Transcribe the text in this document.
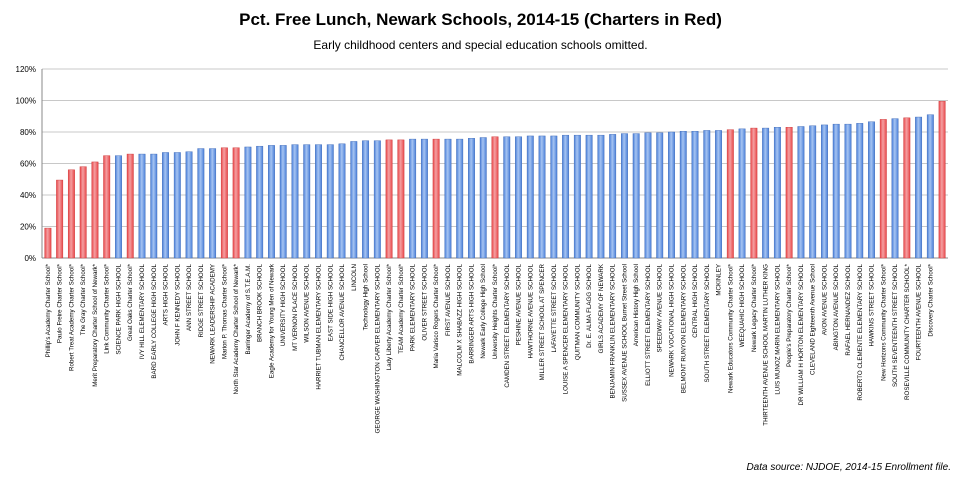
Pct. Free Lunch, Newark Schools, 2014-15 (Charters in Red)
Early childhood centers and special education schools omitted.
0%
20%
40%
60%
80%
100%
120%
Phillip's Academy Charter School* Paulo Freire Charter School* Robert Treat Academy Charter School* The Gray Charter School* Merit Preparatory Charter School of Newark* Link Community Charter School* SCIENCE PARK HIGH SCHOOL Great Oaks Charter School* IVY HILL ELEMENTARY SCHOOL BARD EARLY COLLEGE HIGH SCHOOL ARTS HIGH SCHOOL JOHN F KENNEDY SCHOOL ANN STREET SCHOOL RIDGE STREET SCHOOL NEWARK LEADERSHIP ACADEMY Marion P. Thomas Charter School* North Star Academy Charter School of Newark* Barringer Academy of S.T.E.A.M. BRANCH BROOK SCHOOL Eagle Academy for Young Men of Newark UNIVERSITY HIGH SCHOOL MT VERNON PLACE SCHOOL WILSON AVENUE SCHOOL HARRIET TUBMAN ELEMENTARY SCHOOL EAST SIDE HIGH SCHOOL CHANCELLOR AVENUE SCHOOL LINCOLN Technology High School GEORGE WASHINGTON CARVER ELEMENTARY SCHOOL Lady Liberty Academy Charter School* TEAM Academy Charter School* PARK ELEMENTARY SCHOOL OLIVER STREET SCHOOL Maria Varisco Rogers Charter School* FIRST AVENUE SCHOOL MALCOLM X SHABAZZ HIGH SCHOOL BARRINGER ARTS HIGH SCHOOL Newark Early College High School University Heights Charter School* CAMDEN STREET ELEMENTARY SCHOOL PESHINE AVENUE SCHOOL HAWTHORNE AVENUE SCHOOL MILLER STREET SCHOOL AT SPENCER LAFAYETTE STREET SCHOOL LOUISE A SPENCER ELEMENTARY SCHOOL QUITMAN COMMUNITY SCHOOL Dr. E. ALMA FLAGG SCHOOL GIRLS ACADEMY OF NEWARK BENJAMIN FRANKLIN ELEMENTARY SCHOOL SUSSEX AVENUE SCHOOL Burnet Street School American History High School ELLIOTT STREET ELEMENTARY SCHOOL SPEEDWAY AVENUE SCHOOL NEWARK VOCATIONAL HIGH SCHOOL BELMONT RUNYON ELEMENTARY SCHOOL CENTRAL HIGH SCHOOL SOUTH STREET ELEMENTARY SCHOOL MCKINLEY Newark Educators Community Charter School* WEEQUAHIC HIGH SCHOOL Newark Legacy Charter School* THIRTEENTH AVENUE SCHOOL MARTIN LUTHER KING LUIS MUNOZ MARIN ELEMENTARY SCHOOL People's Preparatory Charter School* DR WILLIAM H HORTON ELEMENTARY SCHOOL CLEVELAND Eighteenth Avenue School AVON AVENUE SCHOOL ABINGTON AVENUE SCHOOL RAFAEL HERNANDEZ SCHOOL ROBERTO CLEMENTE ELEMENTARY SCHOOL HAWKINS STREET SCHOOL New Horizons Community Charter School* SOUTH SEVENTEENTH STREET SCHOOL ROSEVILLE COMMUNITY CHARTER SCHOOL* FOURTEENTH AVENUE SCHOOL Discovery Charter School*
Data source: NJDOE, 2014-15 Enrollment file.
